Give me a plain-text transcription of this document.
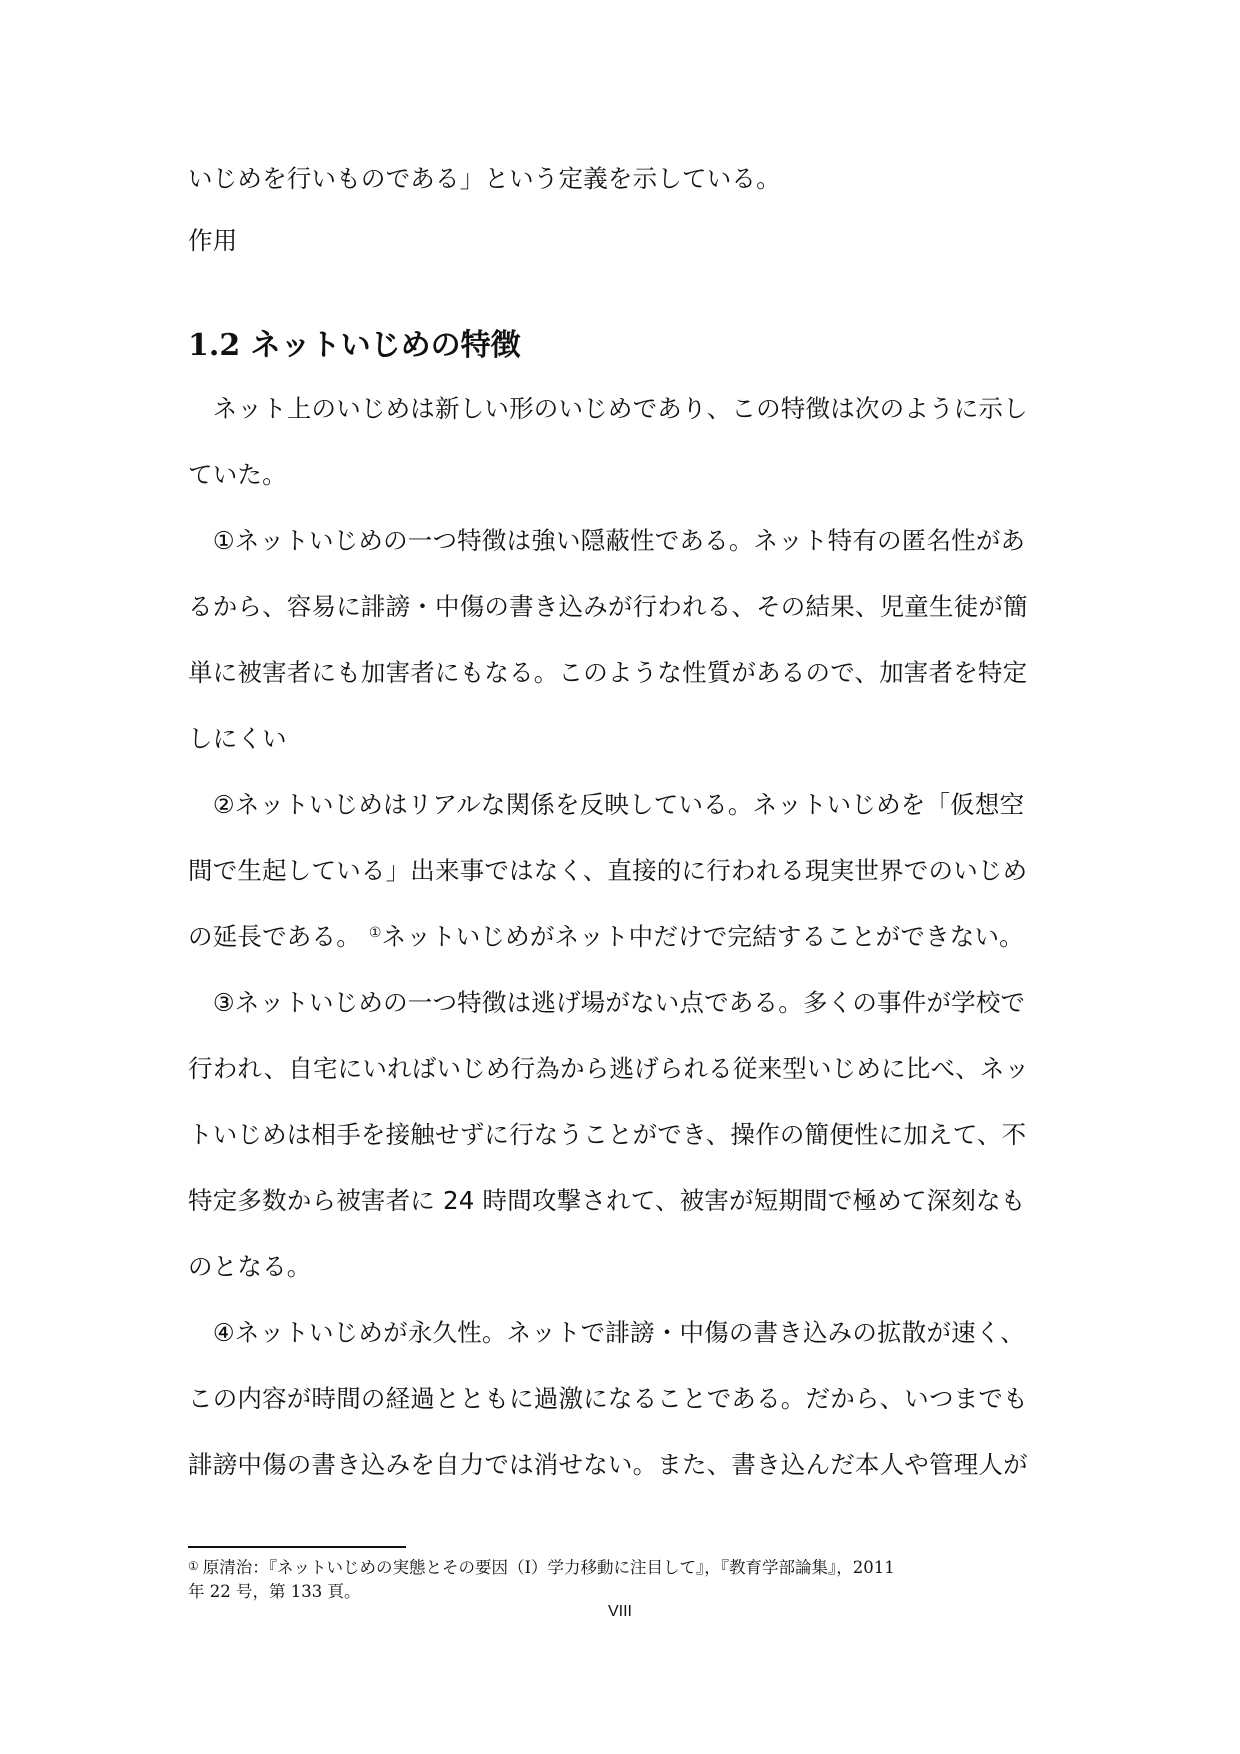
いじめを行いものである」という定義を示している。
作用
1.2 ネットいじめの特徴
　ネット上のいじめは新しい形のいじめであり、この特徴は次のように示し
ていた。
　①ネットいじめの一つ特徴は強い隠蔽性である。ネット特有の匿名性があ
るから、容易に誹謗・中傷の書き込みが行われる、その結果、児童生徒が簡
単に被害者にも加害者にもなる。このような性質があるので、加害者を特定
しにくい
　②ネットいじめはリアルな関係を反映している。ネットいじめを「仮想空
間で生起している」出来事ではなく、直接的に行われる現実世界でのいじめ
の延長である。 ①ネットいじめがネット中だけで完結することができない。
　③ネットいじめの一つ特徴は逃げ場がない点である。多くの事件が学校で
行われ、自宅にいればいじめ行為から逃げられる従来型いじめに比べ、ネッ
トいじめは相手を接触せずに行なうことができ、操作の簡便性に加えて、不
特定多数から被害者に 24 時間攻撃されて、被害が短期間で極めて深刻なも
のとなる。
　④ネットいじめが永久性。ネットで誹謗・中傷の書き込みの拡散が速く、
この内容が時間の経過とともに過激になることである。だから、いつまでも
誹謗中傷の書き込みを自力では消せない。また、書き込んだ本人や管理人が
① 原清治：『ネットいじめの実態とその要因（Ⅰ）学力移動に注目して』，『教育学部論集』，2011
年 22 号，第 133 頁。
VIII
